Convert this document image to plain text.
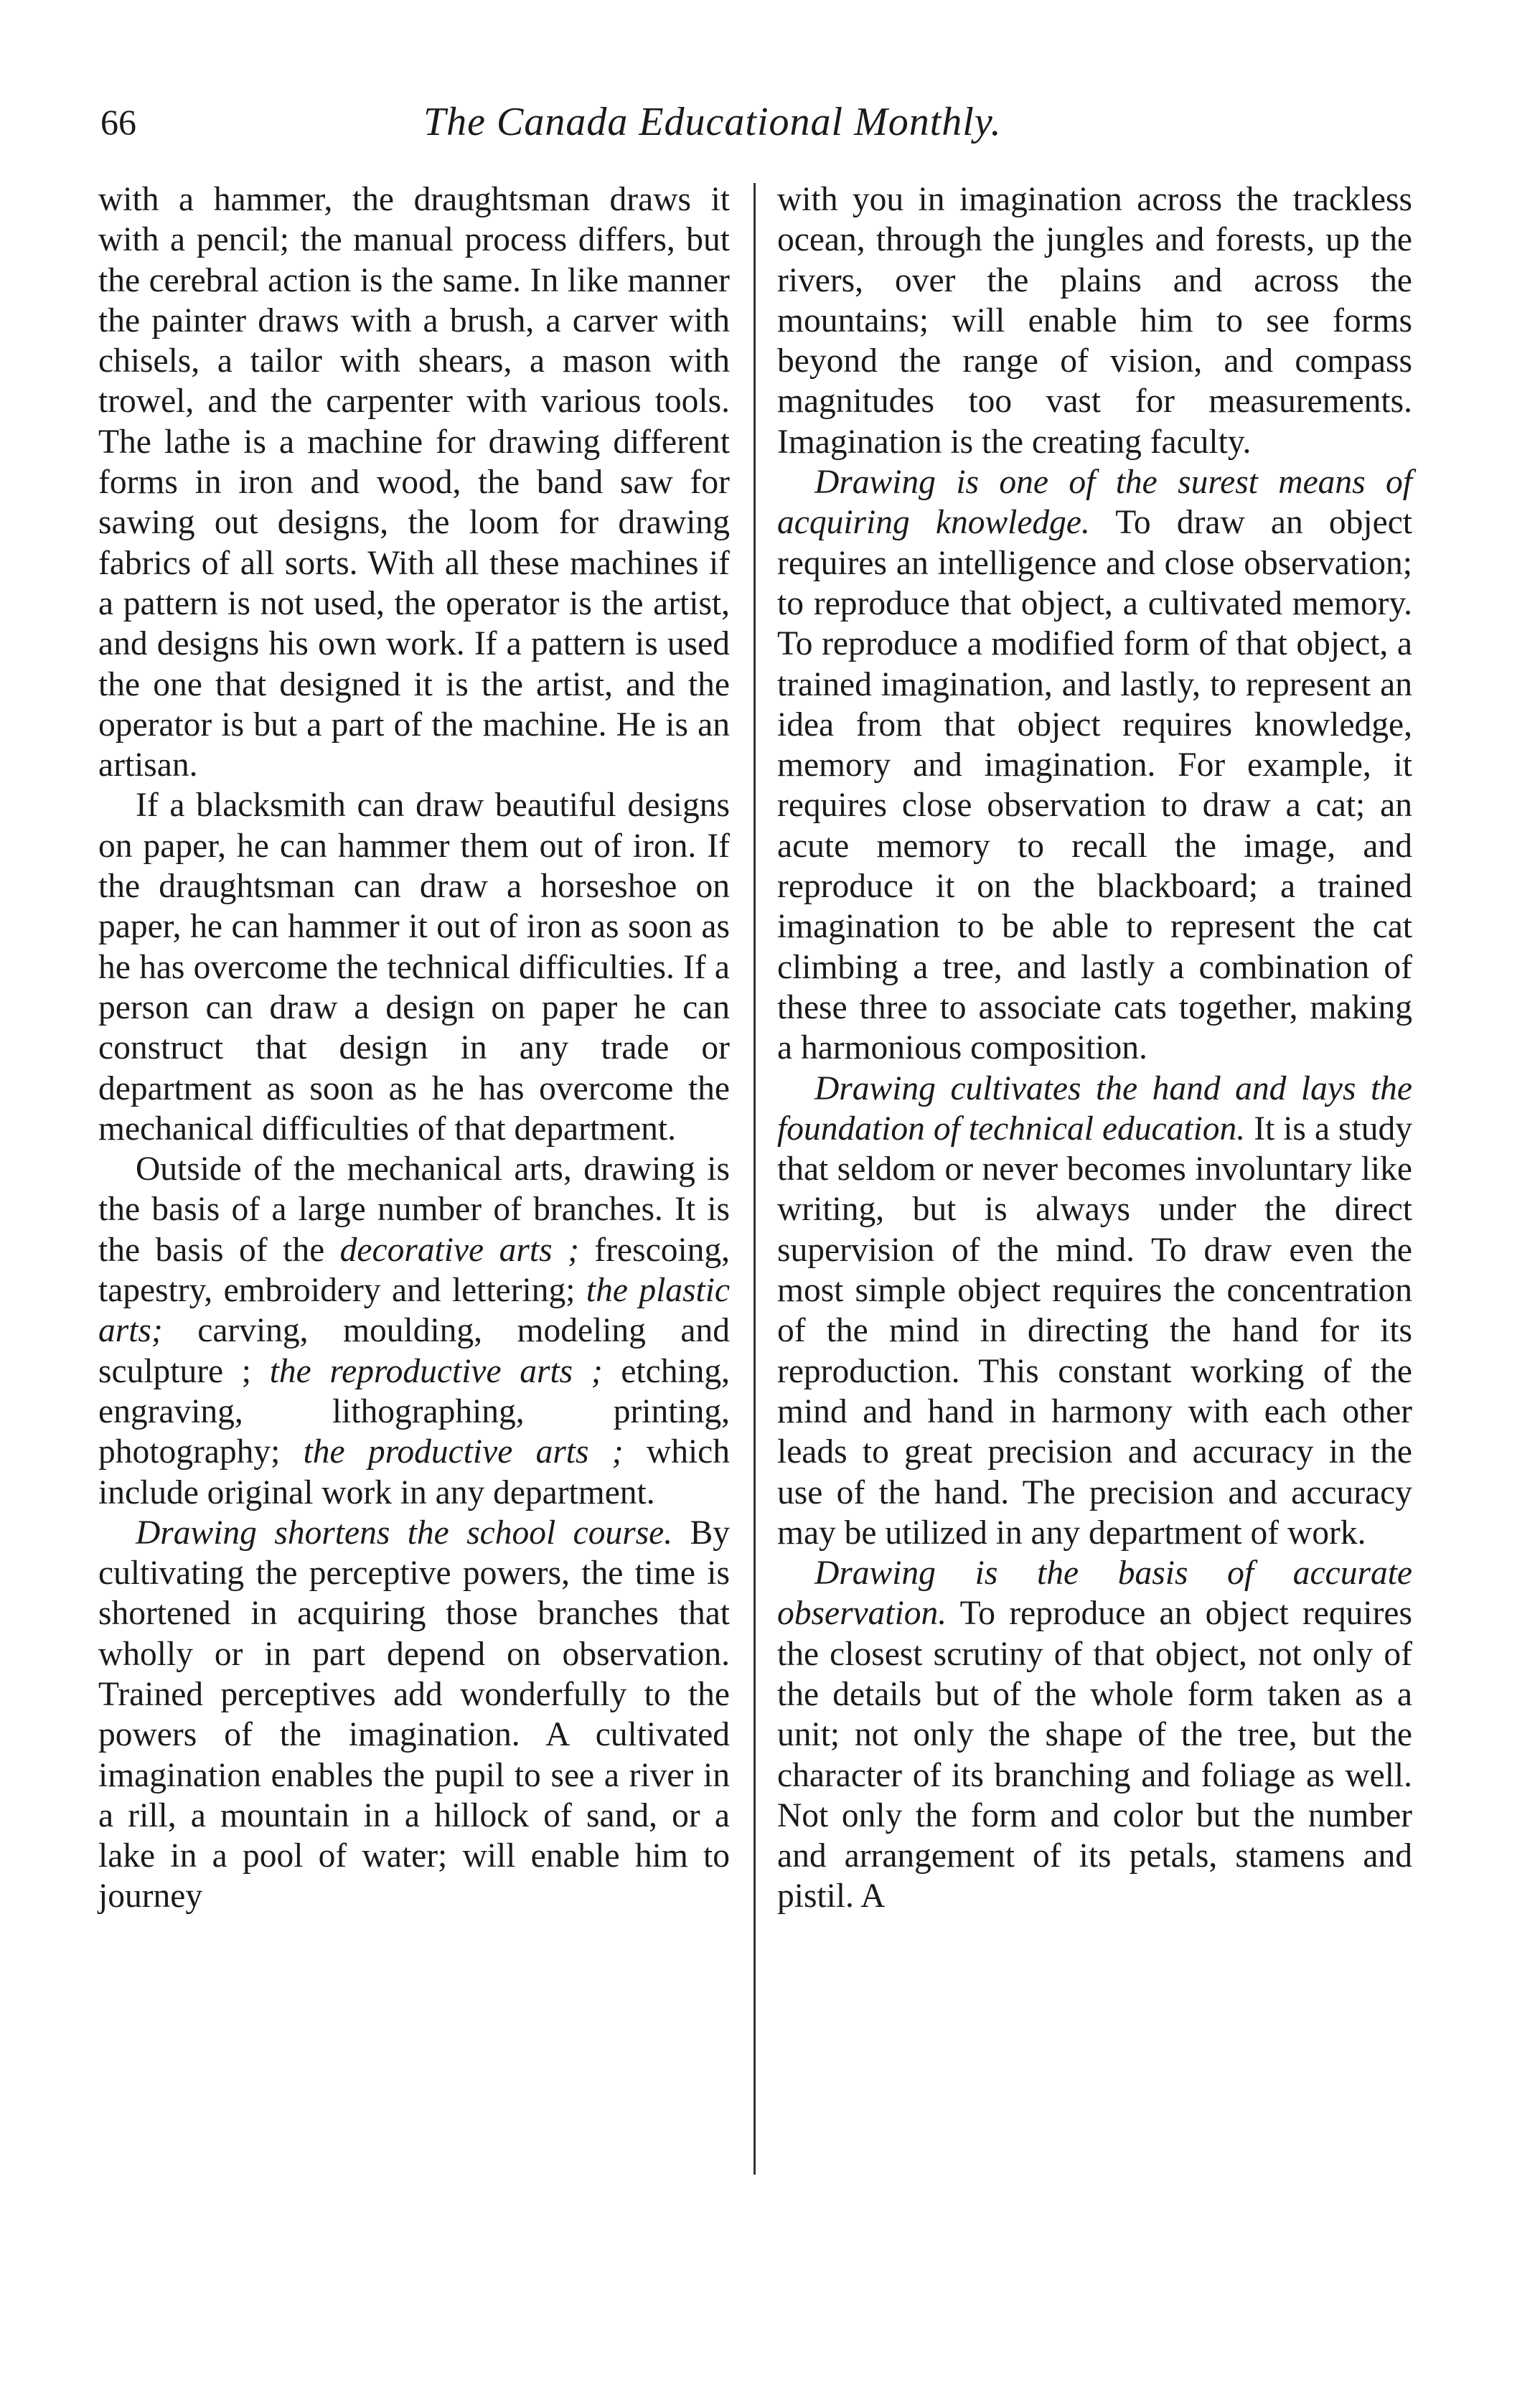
66	The Canada Educational Monthly.

with a hammer, the draughtsman draws it with a pencil; the manual process differs, but the cerebral action is the same. In like manner the painter draws with a brush, a carver with chisels, a tailor with shears, a mason with trowel, and the carpenter with various tools. The lathe is a machine for drawing different forms in iron and wood, the band saw for sawing out designs, the loom for drawing fabrics of all sorts. With all these machines if a pattern is not used, the operator is the artist, and designs his own work. If a pattern is used the one that designed it is the artist, and the operator is but a part of the machine. He is an artisan.

If a blacksmith can draw beautiful designs on paper, he can hammer them out of iron. If the draughtsman can draw a horseshoe on paper, he can hammer it out of iron as soon as he has overcome the technical difficulties. If a person can draw a design on paper he can construct that design in any trade or department as soon as he has overcome the mechanical difficulties of that department.

Outside of the mechanical arts, drawing is the basis of a large number of branches. It is the basis of the decorative arts ; frescoing, tapestry, embroidery and lettering; the plastic arts; carving, moulding, modeling and sculpture ; the reproductive arts ; etching, engraving, lithographing, printing, photography; the productive arts ; which include original work in any department.

Drawing shortens the school course. By cultivating the perceptive powers, the time is shortened in acquiring those branches that wholly or in part depend on observation. Trained perceptives add wonderfully to the powers of the imagination. A cultivated imagination enables the pupil to see a river in a rill, a mountain in a hillock of sand, or a lake in a pool of water; will enable him to journey

with you in imagination across the trackless ocean, through the jungles and forests, up the rivers, over the plains and across the mountains; will enable him to see forms beyond the range of vision, and compass magnitudes too vast for measurements. Imagination is the creating faculty.

Drawing is one of the surest means of acquiring knowledge. To draw an object requires an intelligence and close observation; to reproduce that object, a cultivated memory. To reproduce a modified form of that object, a trained imagination, and lastly, to represent an idea from that object requires knowledge, memory and imagination. For example, it requires close observation to draw a cat; an acute memory to recall the image, and reproduce it on the blackboard; a trained imagination to be able to represent the cat climbing a tree, and lastly a combination of these three to associate cats together, making a harmonious composition.

Drawing cultivates the hand and lays the foundation of technical education. It is a study that seldom or never becomes involuntary like writing, but is always under the direct supervision of the mind. To draw even the most simple object requires the concentration of the mind in directing the hand for its reproduction. This constant working of the mind and hand in harmony with each other leads to great precision and accuracy in the use of the hand. The precision and accuracy may be utilized in any department of work.

Drawing is the basis of accurate observation. To reproduce an object requires the closest scrutiny of that object, not only of the details but of the whole form taken as a unit; not only the shape of the tree, but the character of its branching and foliage as well. Not only the form and color but the number and arrangement of its petals, stamens and pistil. A
